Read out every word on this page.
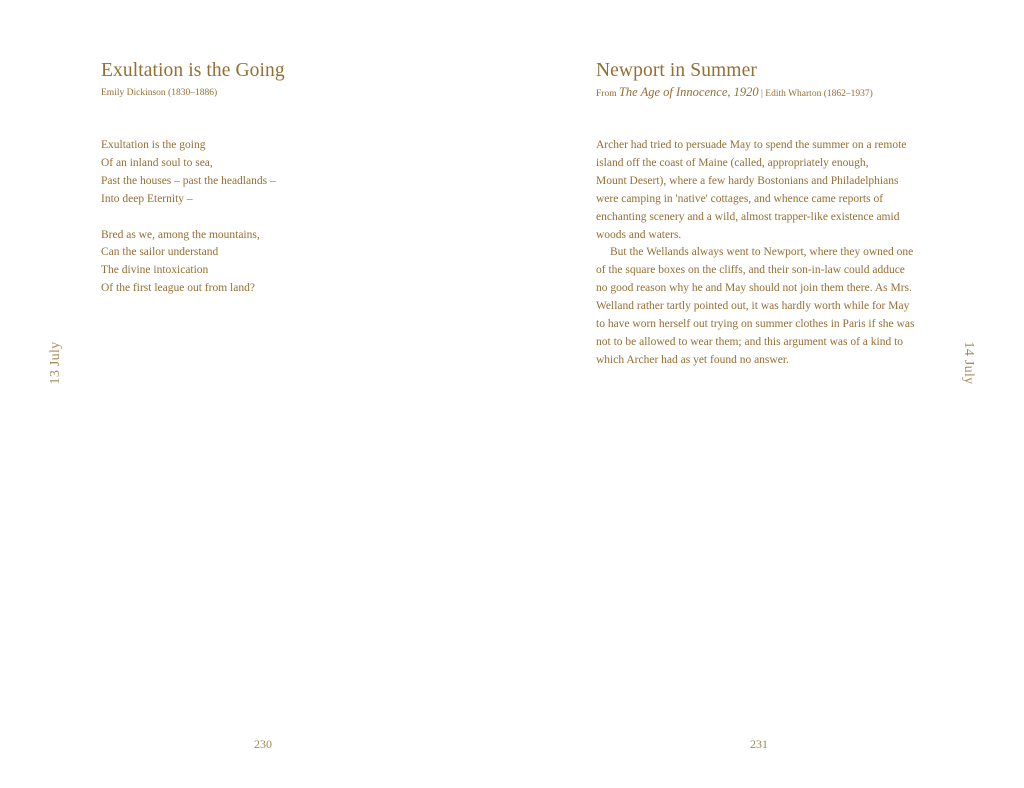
Exultation is the Going
Emily Dickinson (1830–1886)
Exultation is the going
Of an inland soul to sea,
Past the houses – past the headlands –
Into deep Eternity –
Bred as we, among the mountains,
Can the sailor understand
The divine intoxication
Of the first league out from land?
230
13 July
Newport in Summer
From The Age of Innocence, 1920 | Edith Wharton (1862–1937)
Archer had tried to persuade May to spend the summer on a remote
island off the coast of Maine (called, appropriately enough,
Mount Desert), where a few hardy Bostonians and Philadelphians
were camping in 'native' cottages, and whence came reports of
enchanting scenery and a wild, almost trapper-like existence amid
woods and waters.
But the Wellands always went to Newport, where they owned one
of the square boxes on the cliffs, and their son-in-law could adduce
no good reason why he and May should not join them there. As Mrs.
Welland rather tartly pointed out, it was hardly worth while for May
to have worn herself out trying on summer clothes in Paris if she was
not to be allowed to wear them; and this argument was of a kind to
which Archer had as yet found no answer.
231
14 July
